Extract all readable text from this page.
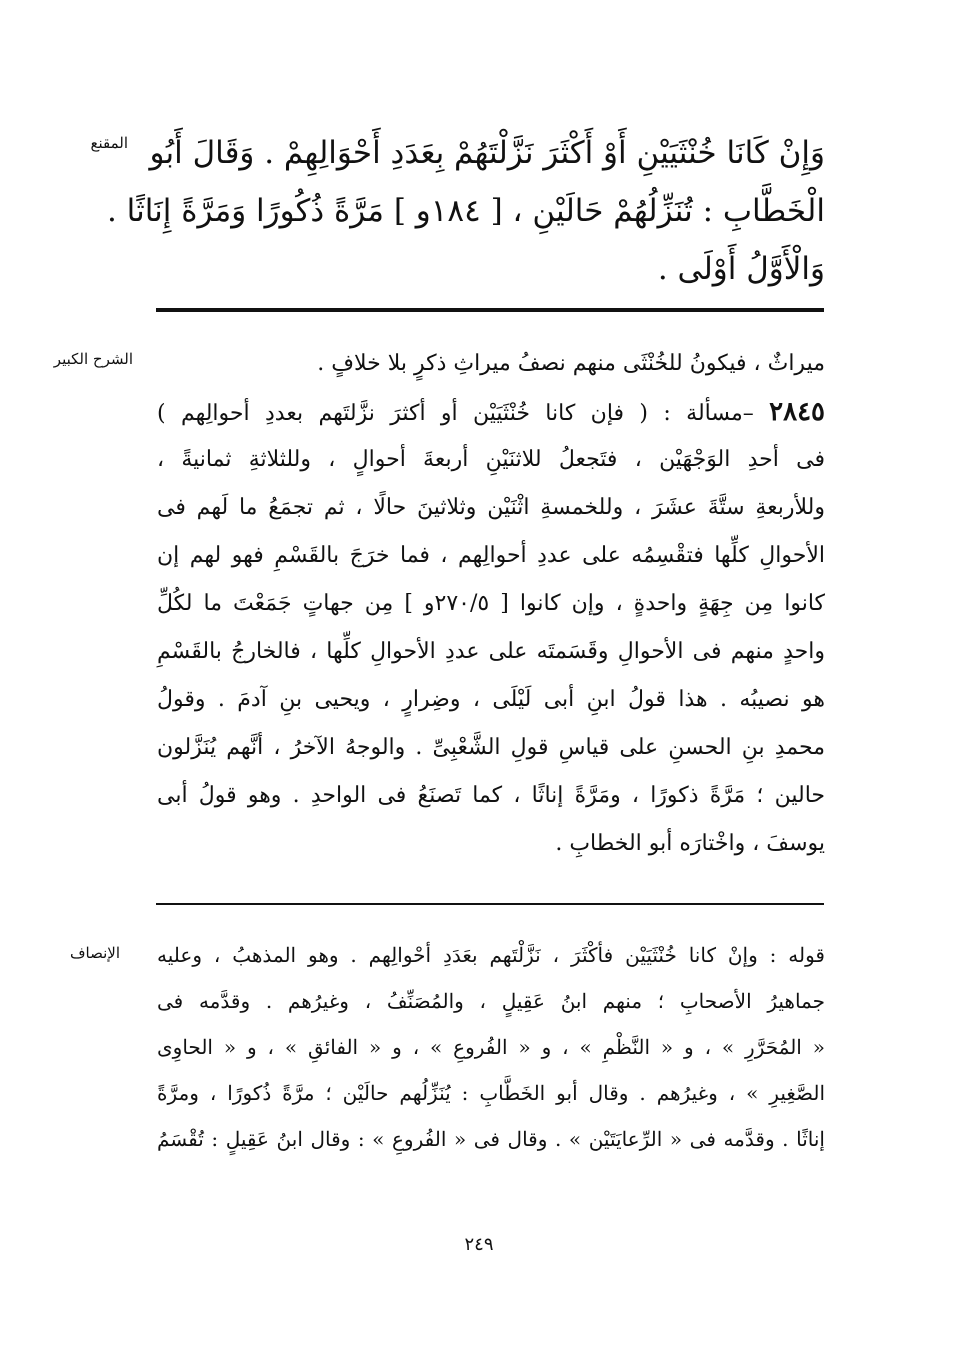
المقنع وَإِنْ كَانَا خُنْثَيَيْنِ أَوْ أَكْثَرَ نَزَّلْتَهُمْ بِعَدَدِ أَحْوَالِهِمْ . وَقَالَ أَبُو
الْخَطَّابِ : تُنَزِّلُهُمْ حَالَيْنِ ، [ ١٨٤و ] مَرَّةً ذُكُورًا وَمَرَّةً إِنَاثًا .
وَالْأَوَّلُ أَوْلَى .
الشرح الكبير	ميراثٌ ، فيكونُ للخُنْثَى منهم نصفُ ميراثِ ذكرٍ بلا خلافٍ .
٢٨٤٥ –مسألة : ( فإن كانا خُنْثَيَيْن أو أكثرَ نزَّلتَهم بعددِ أحوالِهم )
فى أحدِ الوَجْهَيْن ، فتَجعلُ للاثنَيْنِ أربعةَ أحوالٍ ، وللثلاثةِ ثمانيةً ،
وللأربعةِ ستَّةَ عشَرَ ، وللخمسةِ اثْنَيْن وثلاثينَ حالًا ، ثم تجمَعُ ما لَهم فى
الأحوالِ كلِّها فتقْسِمُه على عددِ أحوالِهم ، فما خرَجَ بالقَسْمِ فهو لهم إن
كانوا مِن جِهَةٍ واحدةٍ ، وإن كانوا [ ٢٧٠/٥و ] مِن جهاتٍ جَمَعْتَ ما لكُلِّ
واحدٍ منهم فى الأحوالِ وقَسَمتَه على عددِ الأحوالِ كلِّها ، فالخارجُ بالقَسْمِ
هو نصيبُه . هذا قولُ ابنِ أبى لَيْلَى ، وضِرارٍ ، ويحيى بنِ آدمَ . وقولُ
محمدِ بنِ الحسنِ على قياسِ قولِ الشَّعْبِىِّ . والوجهُ الآخرُ ، أنَّهم يُنَزَّلون
حالين ؛ مَرَّةً ذكورًا ، ومَرَّةً إناثًا ، كما تَصنَعُ فى الواحدِ . وهو قولُ أبى
يوسفَ ، واخْتارَه أبو الخطابِ .
الإنصاف قوله : وإنْ كانا خُنْثَيَيْن فأكْثَرَ ، نَزَّلْتَهم بعَدَدِ أحْوالِهم . وهو المذهبُ ، وعليه
جماهيرُ الأصحابِ ؛ منهم ابنُ عَقِيلٍ ، والمُصَنِّفُ ، وغيرُهم . وقدَّمه فى
« المُحَرَّرِ » ، و « النَّظْمِ » ، و « الفُروعِ » ، و « الفائقِ » ، و « الحاوِى
الصَّغِيرِ » ، وغيرُهم . وقال أبو الخَطَّابِ : يُنَزِّلُهم حالَيْن ؛ مرَّةً ذُكورًا ، ومرَّةً
إناثًا . وقدَّمه فى « الرِّعايَتَيْن » . وقال فى « الفُروعِ » : وقال ابنُ عَقِيلٍ : تُقْسَمُ
٢٤٩
